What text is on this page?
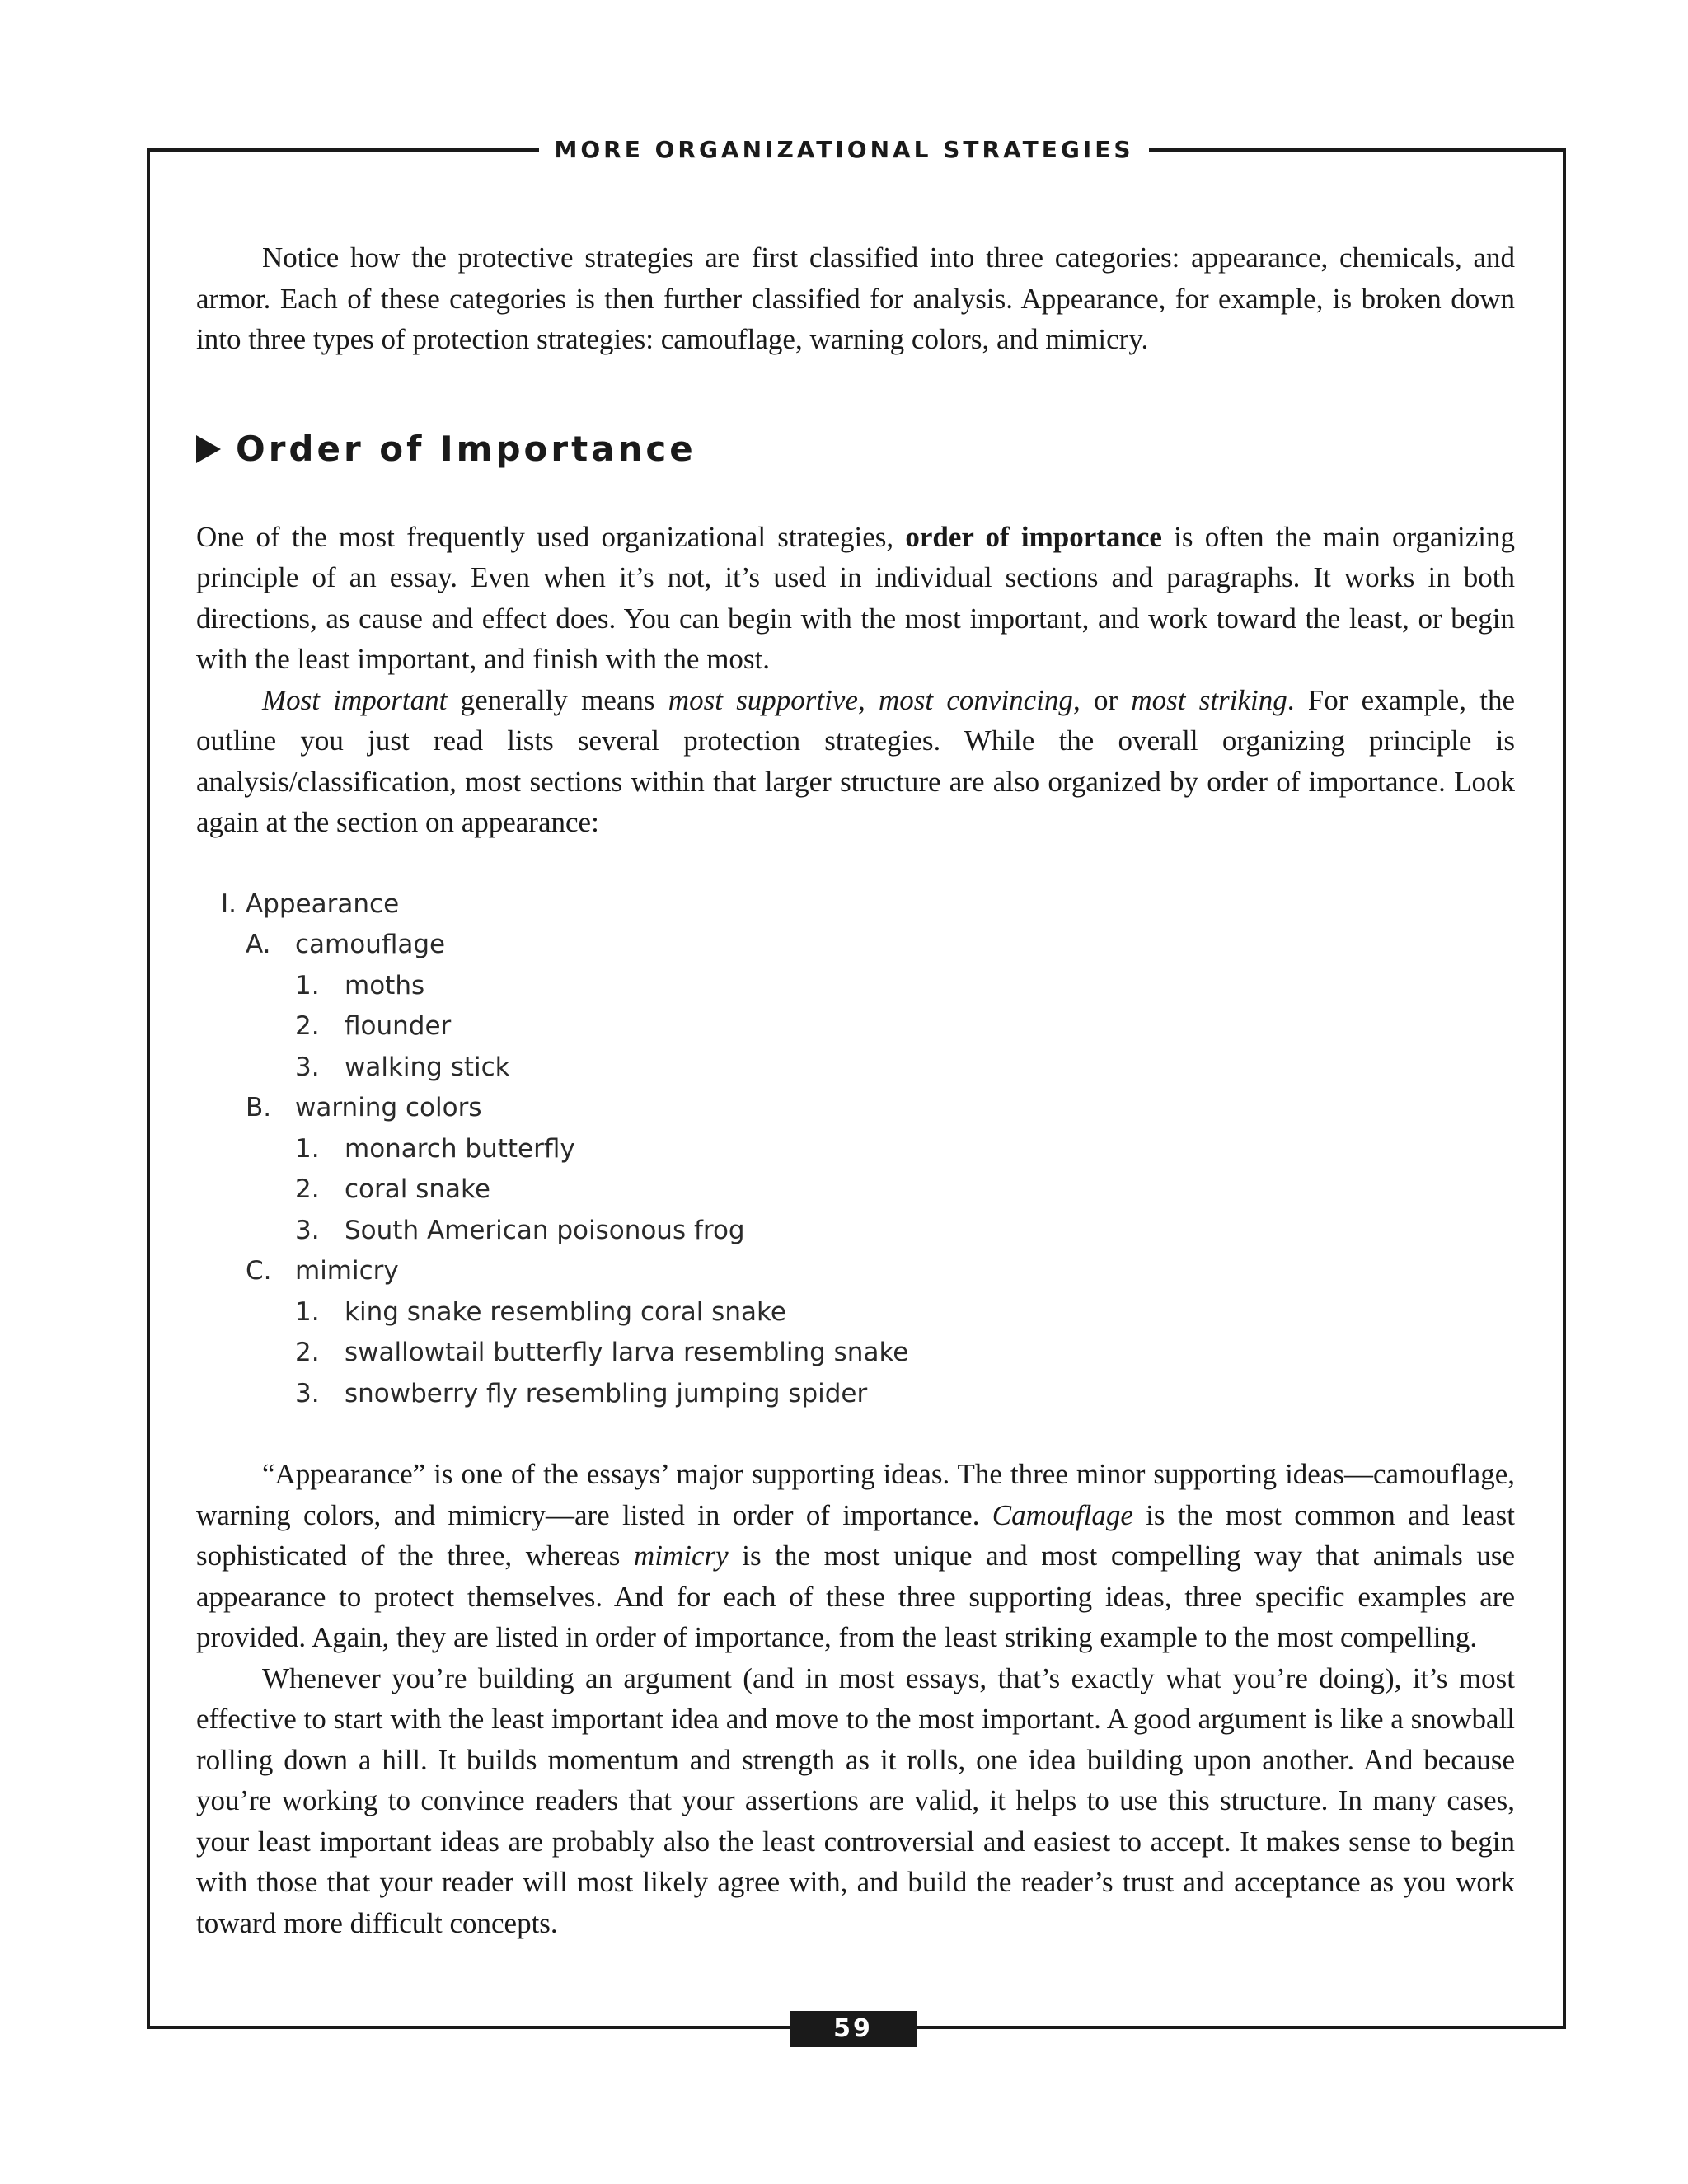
MORE ORGANIZATIONAL STRATEGIES

Notice how the protective strategies are first classified into three categories: appearance, chemicals, and armor. Each of these categories is then further classified for analysis. Appearance, for example, is broken down into three types of protection strategies: camouflage, warning colors, and mimicry.

Order of Importance

One of the most frequently used organizational strategies, order of importance is often the main organizing principle of an essay. Even when it’s not, it’s used in individual sections and paragraphs. It works in both directions, as cause and effect does. You can begin with the most important, and work toward the least, or begin with the least important, and finish with the most.

Most important generally means most supportive, most convincing, or most striking. For example, the outline you just read lists several protection strategies. While the overall organizing principle is analysis/classification, most sections within that larger structure are also organized by order of importance. Look again at the section on appearance:

I. Appearance
A. camouflage
1. moths
2. flounder
3. walking stick
B. warning colors
1. monarch butterfly
2. coral snake
3. South American poisonous frog
C. mimicry
1. king snake resembling coral snake
2. swallowtail butterfly larva resembling snake
3. snowberry fly resembling jumping spider

“Appearance” is one of the essays’ major supporting ideas. The three minor supporting ideas—camouflage, warning colors, and mimicry—are listed in order of importance. Camouflage is the most common and least sophisticated of the three, whereas mimicry is the most unique and most compelling way that animals use appearance to protect themselves. And for each of these three supporting ideas, three specific examples are provided. Again, they are listed in order of importance, from the least striking example to the most compelling.

Whenever you’re building an argument (and in most essays, that’s exactly what you’re doing), it’s most effective to start with the least important idea and move to the most important. A good argument is like a snowball rolling down a hill. It builds momentum and strength as it rolls, one idea building upon another. And because you’re working to convince readers that your assertions are valid, it helps to use this structure. In many cases, your least important ideas are probably also the least controversial and easiest to accept. It makes sense to begin with those that your reader will most likely agree with, and build the reader’s trust and acceptance as you work toward more difficult concepts.

59
